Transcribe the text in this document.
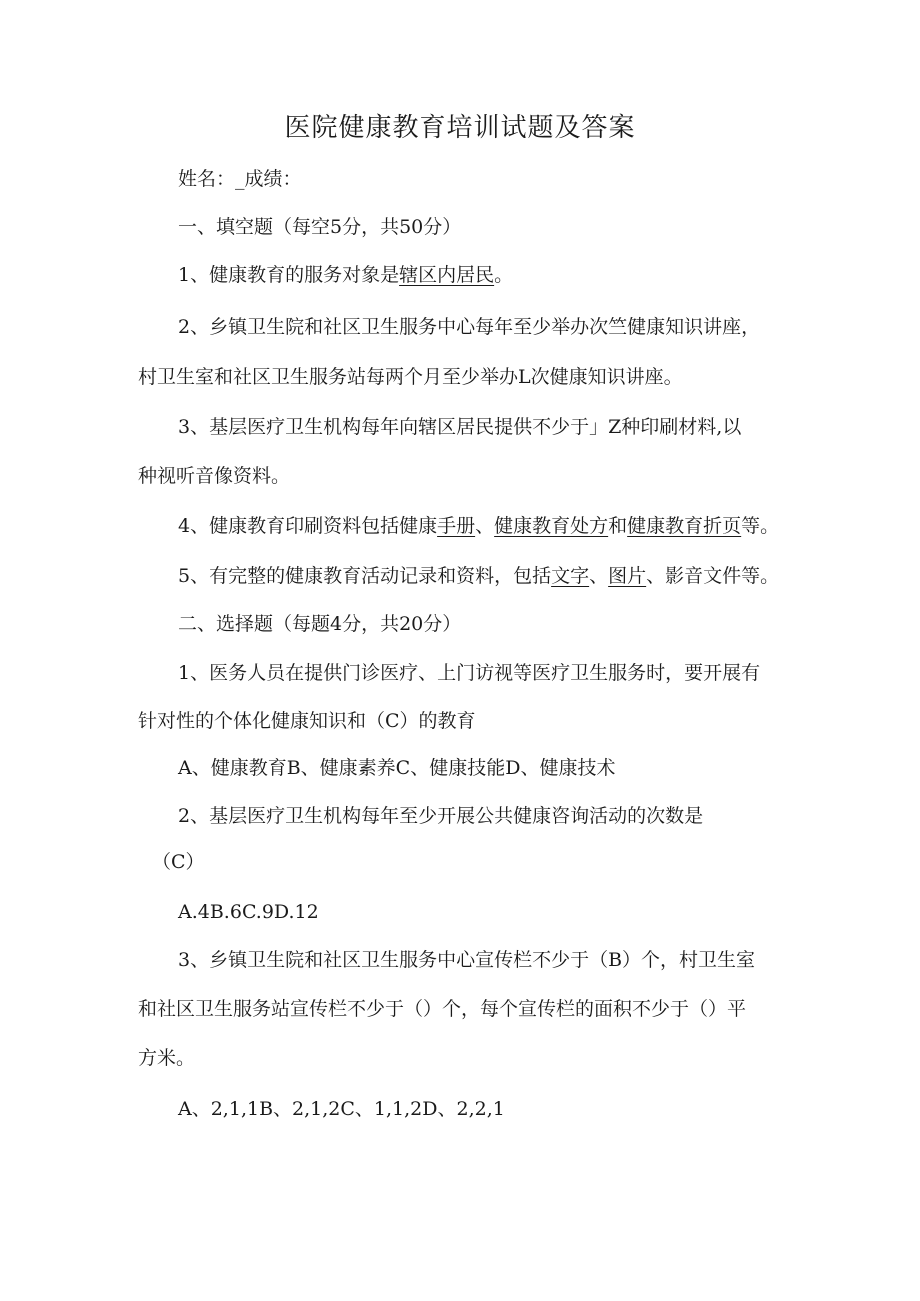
医院健康教育培训试题及答案
姓名：_成绩：
一、填空题（每空5分，共50分）
1、健康教育的服务对象是辖区内居民。
2、乡镇卫生院和社区卫生服务中心每年至少举办次竺健康知识讲座，
村卫生室和社区卫生服务站每两个月至少举办L次健康知识讲座。
3、基层医疗卫生机构每年向辖区居民提供不少于」Z种印刷材料,以
种视听音像资料。
4、健康教育印刷资料包括健康手册、健康教育处方和健康教育折页等。
5、有完整的健康教育活动记录和资料，包括文字、图片、影音文件等。
二、选择题（每题4分，共20分）
1、医务人员在提供门诊医疗、上门访视等医疗卫生服务时，要开展有
针对性的个体化健康知识和（C）的教育
A、健康教育B、健康素养C、健康技能D、健康技术
2、基层医疗卫生机构每年至少开展公共健康咨询活动的次数是
（C）
A.4B.6C.9D.12
3、乡镇卫生院和社区卫生服务中心宣传栏不少于（B）个，村卫生室
和社区卫生服务站宣传栏不少于（）个，每个宣传栏的面积不少于（）平
方米。
A、2,1,1B、2,1,2C、1,1,2D、2,2,1
